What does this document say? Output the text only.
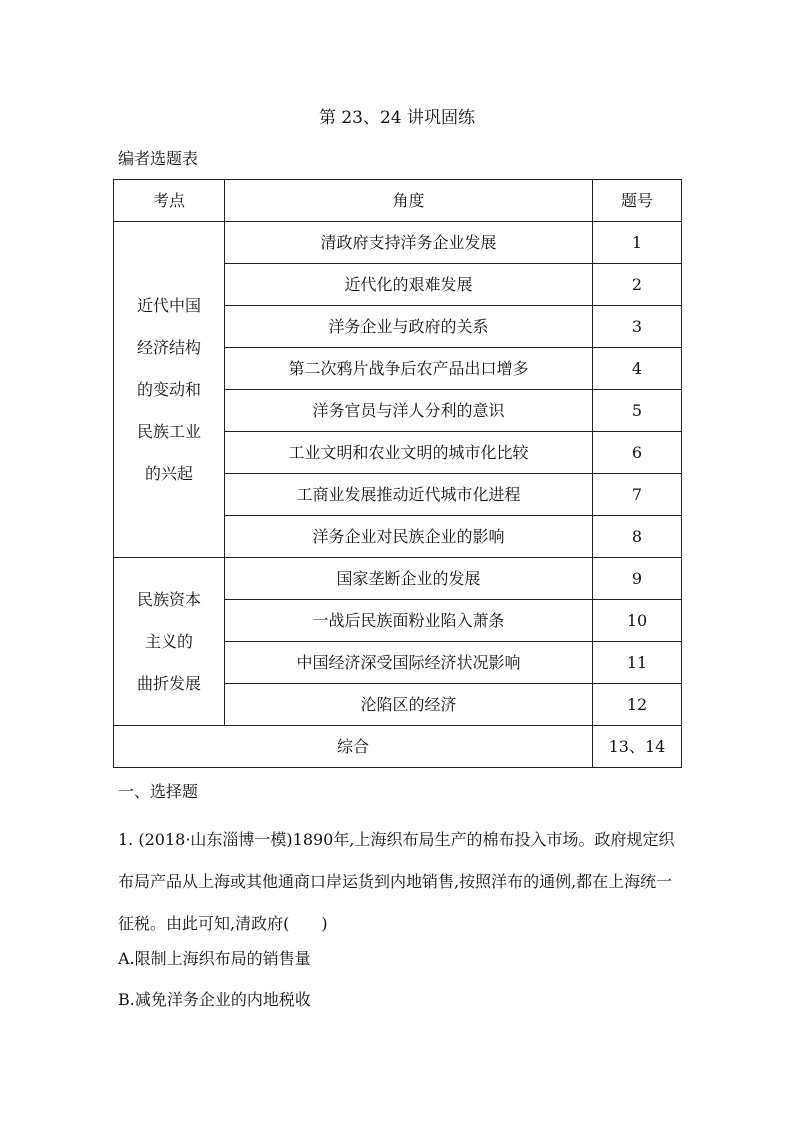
第 23、24 讲巩固练
编者选题表
考点	角度	题号

近代中国
经济结构
的变动和
民族工业
的兴起	清政府支持洋务企业发展	1
	近代化的艰难发展	2
	洋务企业与政府的关系	3
	第二次鸦片战争后农产品出口增多	4
	洋务官员与洋人分利的意识	5
	工业文明和农业文明的城市化比较	6
	工商业发展推动近代城市化进程	7
	洋务企业对民族企业的影响	8

民族资本
主义的
曲折发展	国家垄断企业的发展	9
	一战后民族面粉业陷入萧条	10
	中国经济深受国际经济状况影响	11
	沦陷区的经济	12
综合		13、14
一、选择题

1. (2018·山东淄博一模)1890年,上海织布局生产的棉布投入市场。政府规定织布局产品从上海或其他通商口岸运货到内地销售,按照洋布的通例,都在上海统一征税。由此可知,清政府(　　)

A.限制上海织布局的销售量
B.减免洋务企业的内地税收
